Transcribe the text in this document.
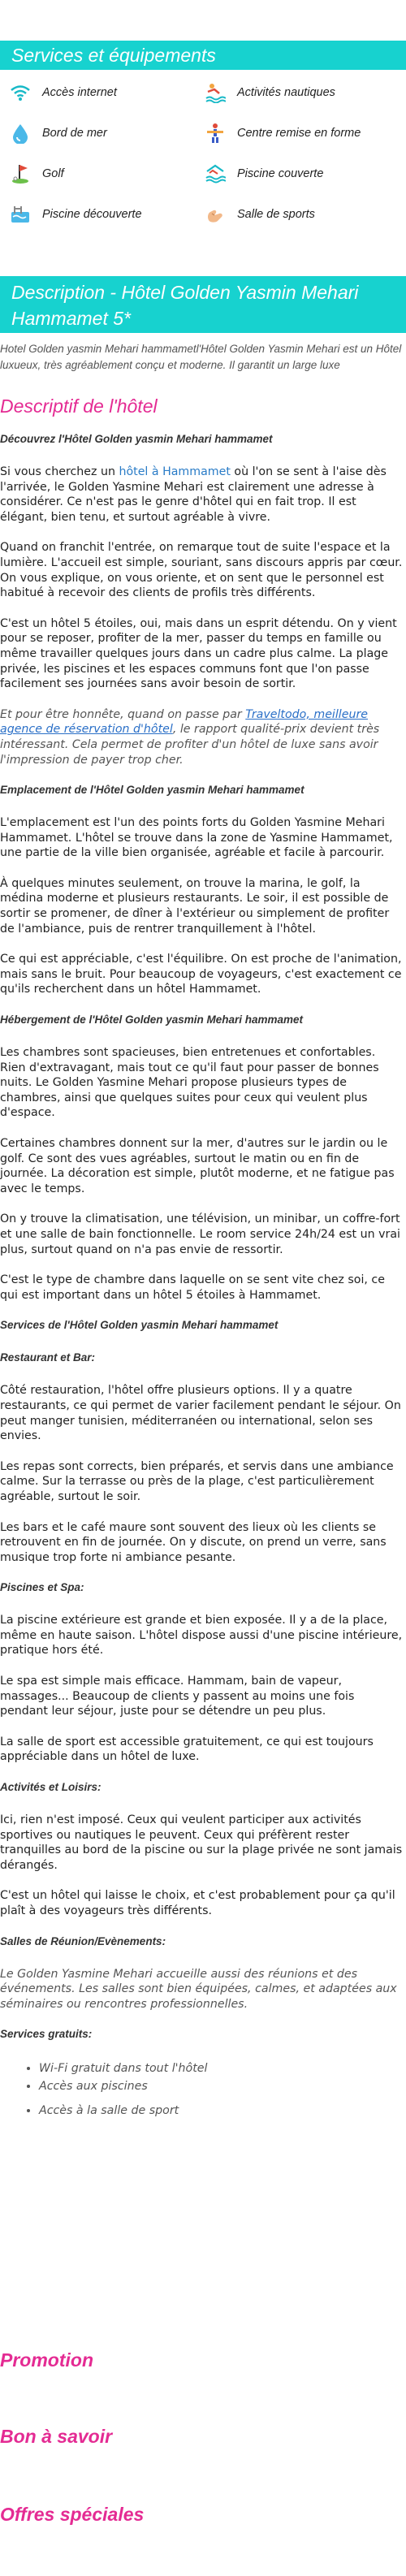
Services et équipements
Accès internet	Activités nautiques
Bord de mer	Centre remise en forme
Golf	Piscine couverte
Piscine découverte	Salle de sports
Description - Hôtel Golden Yasmin Mehari Hammamet 5*

Hotel Golden yasmin Mehari hammametl'Hôtel Golden Yasmin Mehari est un Hôtel luxueux, très agréablement conçu et moderne. Il garantit un large luxe

Descriptif de l'hôtel
Découvrez l'Hôtel Golden yasmin Mehari hammamet

Si vous cherchez un hôtel à Hammamet où l'on se sent à l'aise dès l'arrivée, le Golden Yasmine Mehari est clairement une adresse à considérer. Ce n'est pas le genre d'hôtel qui en fait trop. Il est élégant, bien tenu, et surtout agréable à vivre.

Quand on franchit l'entrée, on remarque tout de suite l'espace et la lumière. L'accueil est simple, souriant, sans discours appris par cœur. On vous explique, on vous oriente, et on sent que le personnel est habitué à recevoir des clients de profils très différents.

C'est un hôtel 5 étoiles, oui, mais dans un esprit détendu. On y vient pour se reposer, profiter de la mer, passer du temps en famille ou même travailler quelques jours dans un cadre plus calme. La plage privée, les piscines et les espaces communs font que l'on passe facilement ses journées sans avoir besoin de sortir.

Et pour être honnête, quand on passe par Traveltodo, meilleure agence de réservation d'hôtel, le rapport qualité-prix devient très intéressant. Cela permet de profiter d'un hôtel de luxe sans avoir l'impression de payer trop cher.

Emplacement de l'Hôtel Golden yasmin Mehari hammamet

L'emplacement est l'un des points forts du Golden Yasmine Mehari Hammamet. L'hôtel se trouve dans la zone de Yasmine Hammamet, une partie de la ville bien organisée, agréable et facile à parcourir.

À quelques minutes seulement, on trouve la marina, le golf, la médina moderne et plusieurs restaurants. Le soir, il est possible de sortir se promener, de dîner à l'extérieur ou simplement de profiter de l'ambiance, puis de rentrer tranquillement à l'hôtel.

Ce qui est appréciable, c'est l'équilibre. On est proche de l'animation, mais sans le bruit. Pour beaucoup de voyageurs, c'est exactement ce qu'ils recherchent dans un hôtel Hammamet.

Hébergement de l'Hôtel Golden yasmin Mehari hammamet

Les chambres sont spacieuses, bien entretenues et confortables. Rien d'extravagant, mais tout ce qu'il faut pour passer de bonnes nuits. Le Golden Yasmine Mehari propose plusieurs types de chambres, ainsi que quelques suites pour ceux qui veulent plus d'espace.

Certaines chambres donnent sur la mer, d'autres sur le jardin ou le golf. Ce sont des vues agréables, surtout le matin ou en fin de journée. La décoration est simple, plutôt moderne, et ne fatigue pas avec le temps.

On y trouve la climatisation, une télévision, un minibar, un coffre-fort et une salle de bain fonctionnelle. Le room service 24h/24 est un vrai plus, surtout quand on n'a pas envie de ressortir.

C'est le type de chambre dans laquelle on se sent vite chez soi, ce qui est important dans un hôtel 5 étoiles à Hammamet.

Services de l'Hôtel Golden yasmin Mehari hammamet
Restaurant et Bar:

Côté restauration, l'hôtel offre plusieurs options. Il y a quatre restaurants, ce qui permet de varier facilement pendant le séjour. On peut manger tunisien, méditerranéen ou international, selon ses envies.

Les repas sont corrects, bien préparés, et servis dans une ambiance calme. Sur la terrasse ou près de la plage, c'est particulièrement agréable, surtout le soir.

Les bars et le café maure sont souvent des lieux où les clients se retrouvent en fin de journée. On y discute, on prend un verre, sans musique trop forte ni ambiance pesante.

Piscines et Spa:

La piscine extérieure est grande et bien exposée. Il y a de la place, même en haute saison. L'hôtel dispose aussi d'une piscine intérieure, pratique hors été.

Le spa est simple mais efficace. Hammam, bain de vapeur, massages... Beaucoup de clients y passent au moins une fois pendant leur séjour, juste pour se détendre un peu plus.

La salle de sport est accessible gratuitement, ce qui est toujours appréciable dans un hôtel de luxe.

Activités et Loisirs:

Ici, rien n'est imposé. Ceux qui veulent participer aux activités sportives ou nautiques le peuvent. Ceux qui préfèrent rester tranquilles au bord de la piscine ou sur la plage privée ne sont jamais dérangés.

C'est un hôtel qui laisse le choix, et c'est probablement pour ça qu'il plaît à des voyageurs très différents.

Salles de Réunion/Evènements:

Le Golden Yasmine Mehari accueille aussi des réunions et des événements. Les salles sont bien équipées, calmes, et adaptées aux séminaires ou rencontres professionnelles.

Services gratuits:
• Wi-Fi gratuit dans tout l'hôtel
• Accès aux piscines
• Accès à la salle de sport
Promotion
Bon à savoir
Offres spéciales
